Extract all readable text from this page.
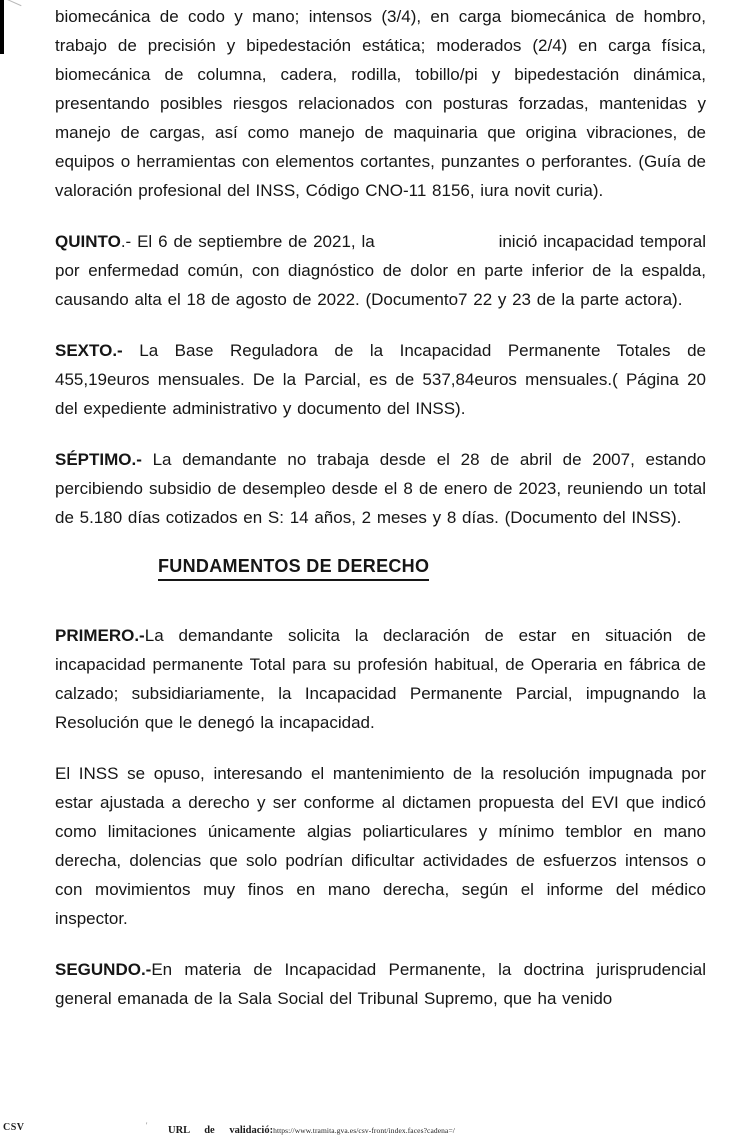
biomecánica de codo y mano; intensos (3/4), en carga biomecánica de hombro, trabajo de precisión y bipedestación estática; moderados (2/4) en carga física, biomecánica de columna, cadera, rodilla, tobillo/pi y bipedestación dinámica, presentando posibles riesgos relacionados con posturas forzadas, mantenidas y manejo de cargas, así como manejo de maquinaria que origina vibraciones, de equipos o herramientas con elementos cortantes, punzantes o perforantes. (Guía de valoración profesional del INSS, Código CNO-11 8156, iura novit curia).

QUINTO.- El 6 de septiembre de 2021, la	inició incapacidad temporal por enfermedad común, con diagnóstico de dolor en parte inferior de la espalda, causando alta el 18 de agosto de 2022. (Documento7 22 y 23 de la parte actora).

SEXTO.- La Base Reguladora de la Incapacidad Permanente Totales de 455,19euros mensuales. De la Parcial, es de 537,84euros mensuales.( Página 20 del expediente administrativo y documento del INSS).

SÉPTIMO.- La demandante no trabaja desde el 28 de abril de 2007, estando percibiendo subsidio de desempleo desde el 8 de enero de 2023, reuniendo un total de 5.180 días cotizados en S: 14 años, 2 meses y 8 días. (Documento del INSS).

FUNDAMENTOS DE DERECHO

PRIMERO.-La demandante solicita la declaración de estar en situación de incapacidad permanente Total para su profesión habitual, de Operaria en fábrica de calzado; subsidiariamente, la Incapacidad Permanente Parcial, impugnando la Resolución que le denegó la incapacidad.

El INSS se opuso, interesando el mantenimiento de la resolución impugnada por estar ajustada a derecho y ser conforme al dictamen propuesta del EVI que indicó como limitaciones únicamente algias poliarticulares y mínimo temblor en mano derecha, dolencias que solo podrían dificultar actividades de esfuerzos intensos o con movimientos muy finos en mano derecha, según el informe del médico inspector.

SEGUNDO.-En materia de Incapacidad Permanente, la doctrina jurisprudencial general emanada de la Sala Social del Tribunal Supremo, que ha venido

CSV	' URL de validació:https://www.tramita.gva.es/csv-front/index.faces?cadena=/
